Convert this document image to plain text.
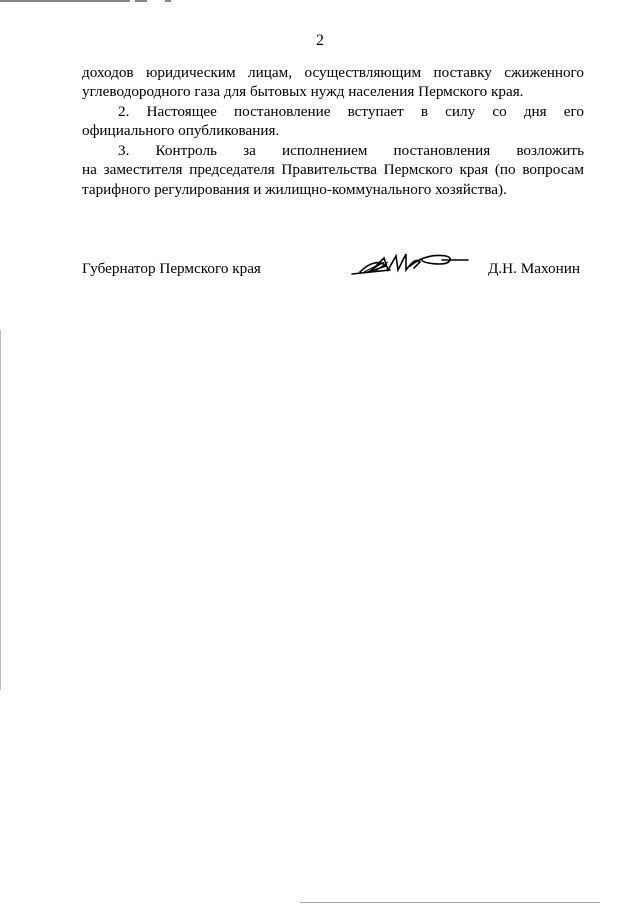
2
доходов юридическим лицам, осуществляющим поставку сжиженного
углеводородного газа для бытовых нужд населения Пермского края.
2. Настоящее постановление вступает в силу со дня его
официального опубликования.
3. Контроль за исполнением постановления возложить
на заместителя председателя Правительства Пермского края (по вопросам
тарифного регулирования и жилищно-коммунального хозяйства).
Губернатор Пермского края	Д.Н. Махонин
